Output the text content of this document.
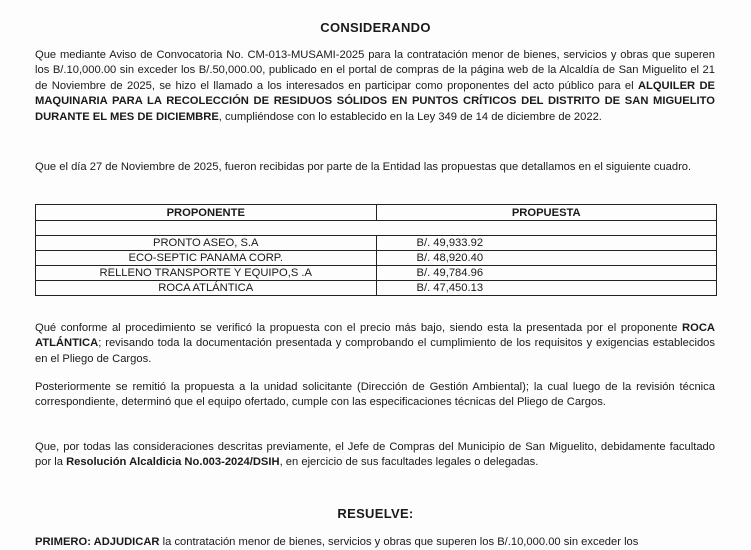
CONSIDERANDO
Que mediante Aviso de Convocatoria No. CM-013-MUSAMI-2025 para la contratación menor de bienes, servicios y obras que superen los B/.10,000.00 sin exceder los B/.50,000.00, publicado en el portal de compras de la página web de la Alcaldía de San Miguelito el 21 de Noviembre de 2025, se hizo el llamado a los interesados en participar como proponentes del acto público para el ALQUILER DE MAQUINARIA PARA LA RECOLECCIÓN DE RESIDUOS SÓLIDOS EN PUNTOS CRÍTICOS DEL DISTRITO DE SAN MIGUELITO DURANTE EL MES DE DICIEMBRE, cumpliéndose con lo establecido en la Ley 349 de 14 de diciembre de 2022.
Que el día 27 de Noviembre de 2025, fueron recibidas por parte de la Entidad las propuestas que detallamos en el siguiente cuadro.
PROPONENTE	PROPUESTA

PRONTO ASEO, S.A	B/. 49,933.92
ECO-SEPTIC PANAMA CORP.	B/. 48,920.40
RELLENO TRANSPORTE Y EQUIPO,S .A	B/. 49,784.96
ROCA ATLÁNTICA	B/. 47,450.13
Qué conforme al procedimiento se verificó la propuesta con el precio más bajo, siendo esta la presentada por el proponente ROCA ATLÁNTICA; revisando toda la documentación presentada y comprobando el cumplimiento de los requisitos y exigencias establecidos en el Pliego de Cargos.
Posteriormente se remitió la propuesta a la unidad solicitante (Dirección de Gestión Ambiental); la cual luego de la revisión técnica correspondiente, determinó que el equipo ofertado, cumple con las especificaciones técnicas del Pliego de Cargos.
Que, por todas las consideraciones descritas previamente, el Jefe de Compras del Municipio de San Miguelito, debidamente facultado por la Resolución Alcaldicia No.003-2024/DSIH, en ejercicio de sus facultades legales o delegadas.
RESUELVE:
PRIMERO: ADJUDICAR la contratación menor de bienes, servicios y obras que superen los B/.10,000.00 sin exceder los
